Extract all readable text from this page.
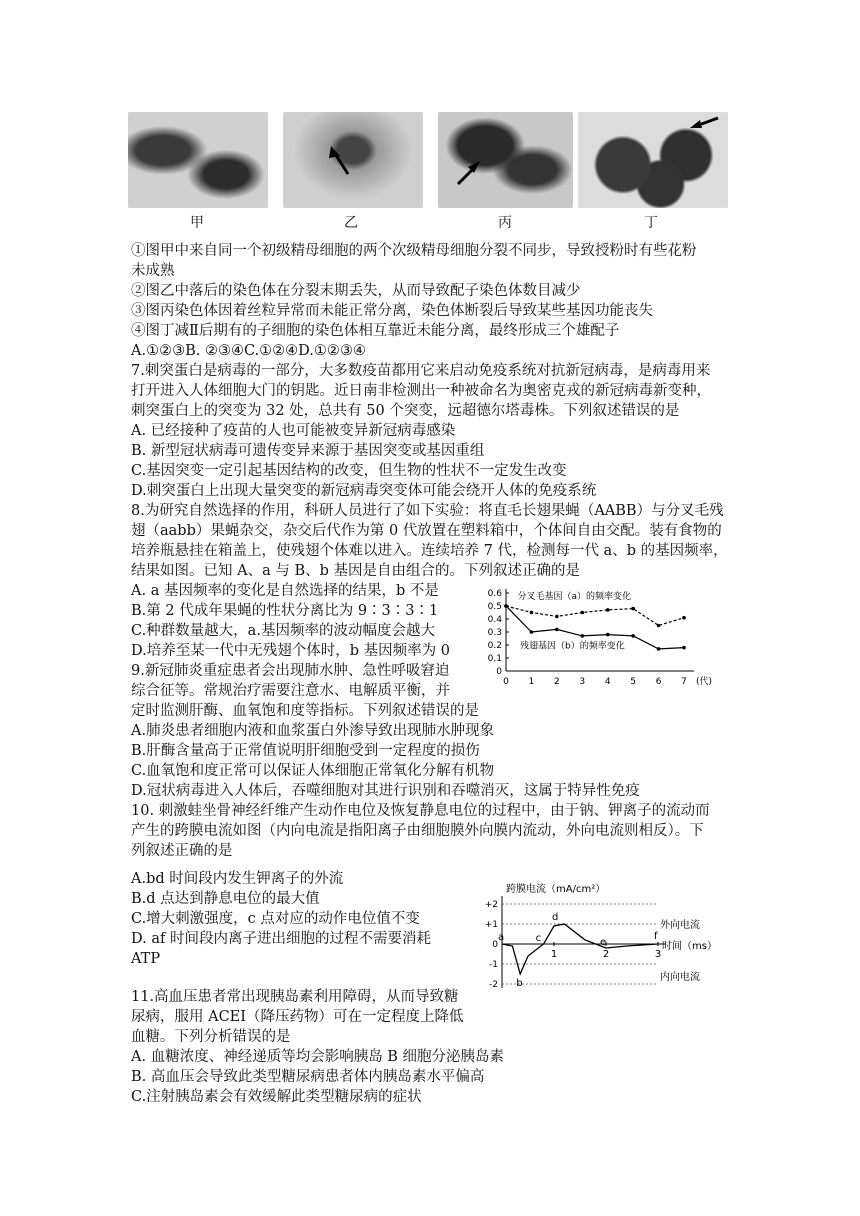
甲	乙	丙	丁
①图甲中来自同一个初级精母细胞的两个次级精母细胞分裂不同步，导致授粉时有些花粉
未成熟
②图乙中落后的染色体在分裂末期丢失，从而导致配子染色体数目减少
③图丙染色体因着丝粒异常而未能正常分离，染色体断裂后导致某些基因功能丧失
④图丁减Ⅱ后期有的子细胞的染色体相互靠近未能分离，最终形成三个雄配子
A.①②③B. ②③④C.①②④D.①②③④
7.刺突蛋白是病毒的一部分，大多数疫苗都用它来启动免疫系统对抗新冠病毒，是病毒用来
打开进入人体细胞大门的钥匙。近日南非检测出一种被命名为奥密克戎的新冠病毒新变种，
刺突蛋白上的突变为 32 处，总共有 50 个突变，远超德尔塔毒株。下列叙述错误的是
A. 已经接种了疫苗的人也可能被变异新冠病毒感染
B. 新型冠状病毒可遗传变异来源于基因突变或基因重组
C.基因突变一定引起基因结构的改变，但生物的性状不一定发生改变
D.刺突蛋白上出现大量突变的新冠病毒突变体可能会绕开人体的免疫系统
8.为研究自然选择的作用，科研人员进行了如下实验：将直毛长翅果蝇（AABB）与分叉毛残
翅（aabb）果蝇杂交，杂交后代作为第 0 代放置在塑料箱中，个体间自由交配。装有食物的
培养瓶悬挂在箱盖上，使残翅个体难以进入。连续培养 7 代，检测每一代 a、b 的基因频率，
结果如图。已知 A、a 与 B、b 基因是自由组合的。下列叙述正确的是
A. a 基因频率的变化是自然选择的结果，b 不是
B.第 2 代成年果蝇的性状分离比为 9∶3∶3∶1
C.种群数量越大，a.基因频率的波动幅度会越大
D.培养至某一代中无残翅个体时，b 基因频率为 0
0
0.1
0.2
0.3
0.4
0.5
0.6
1 2 3 4 5 6 7
0	(代)
分叉毛基因（a）的频率变化
残翅基因（b）的频率变化
9.新冠肺炎重症患者会出现肺水肿、急性呼吸窘迫
综合征等。常规治疗需要注意水、电解质平衡，并
定时监测肝酶、血氧饱和度等指标。下列叙述错误的是
A.肺炎患者细胞内液和血浆蛋白外渗导致出现肺水肿现象
B.肝酶含量高于正常值说明肝细胞受到一定程度的损伤
C.血氧饱和度正常可以保证人体细胞正常氧化分解有机物
D.冠状病毒进入人体后，吞噬细胞对其进行识别和吞噬消灭，这属于特异性免疫
10. 刺激蛙坐骨神经纤维产生动作电位及恢复静息电位的过程中，由于钠、钾离子的流动而
产生的跨膜电流如图（内向电流是指阳离子由细胞膜外向膜内流动，外向电流则相反）。下
列叙述正确的是
A.bd 时间段内发生钾离子的外流
B.d 点达到静息电位的最大值
C.增大刺激强度，c 点对应的动作电位值不变
D. af 时间段内离子进出细胞的过程不需要消耗
ATP
+2
+1
0
-1
-2
1	2	3
跨膜电流（mA/cm²）
时间（ms）
外向电流
内向电流
a
b
c
d
e
f
11.高血压患者常出现胰岛素利用障碍，从而导致糖
尿病，服用 ACEI（降压药物）可在一定程度上降低
血糖。下列分析错误的是
A. 血糖浓度、神经递质等均会影响胰岛 B 细胞分泌胰岛素
B. 高血压会导致此类型糖尿病患者体内胰岛素水平偏高
C.注射胰岛素会有效缓解此类型糖尿病的症状
